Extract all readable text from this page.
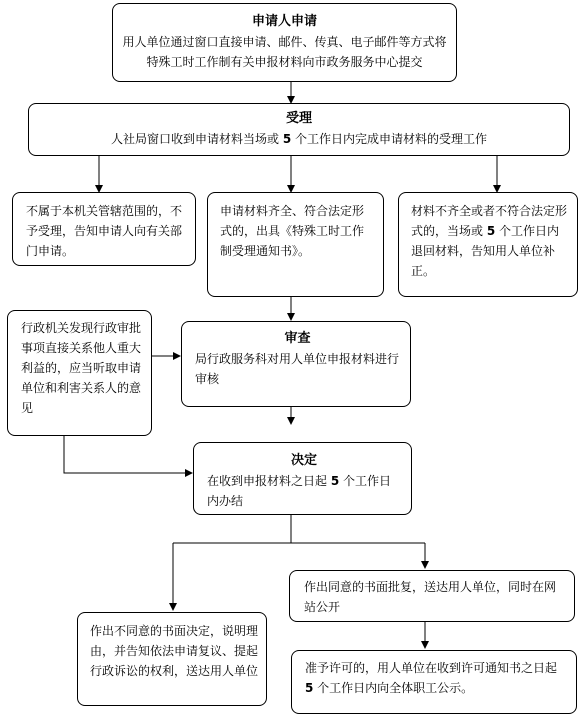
申请人申请
用人单位通过窗口直接申请、邮件、传真、电子邮件等方式将
特殊工时工作制有关申报材料向市政务服务中心提交
受理
人社局窗口收到申请材料当场或 5 个工作日内完成申请材料的受理工作
不属于本机关管辖范围的，不予受理，告知申请人向有关部门申请。
申请材料齐全、符合法定形式的，出具《特殊工时工作制受理通知书》。
材料不齐全或者不符合法定形式的，当场或 5 个工作日内退回材料，告知用人单位补正。
行政机关发现行政审批事项直接关系他人重大利益的，应当听取申请单位和利害关系人的意见
审查
局行政服务科对用人单位申报材料进行审核
决定
在收到申报材料之日起 5 个工作日内办结
作出同意的书面批复，送达用人单位，同时在网站公开
作出不同意的书面决定，说明理由，并告知依法申请复议、提起行政诉讼的权利，送达用人单位	准予许可的，用人单位在收到许可通知书之日起 5 个工作日内向全体职工公示。
